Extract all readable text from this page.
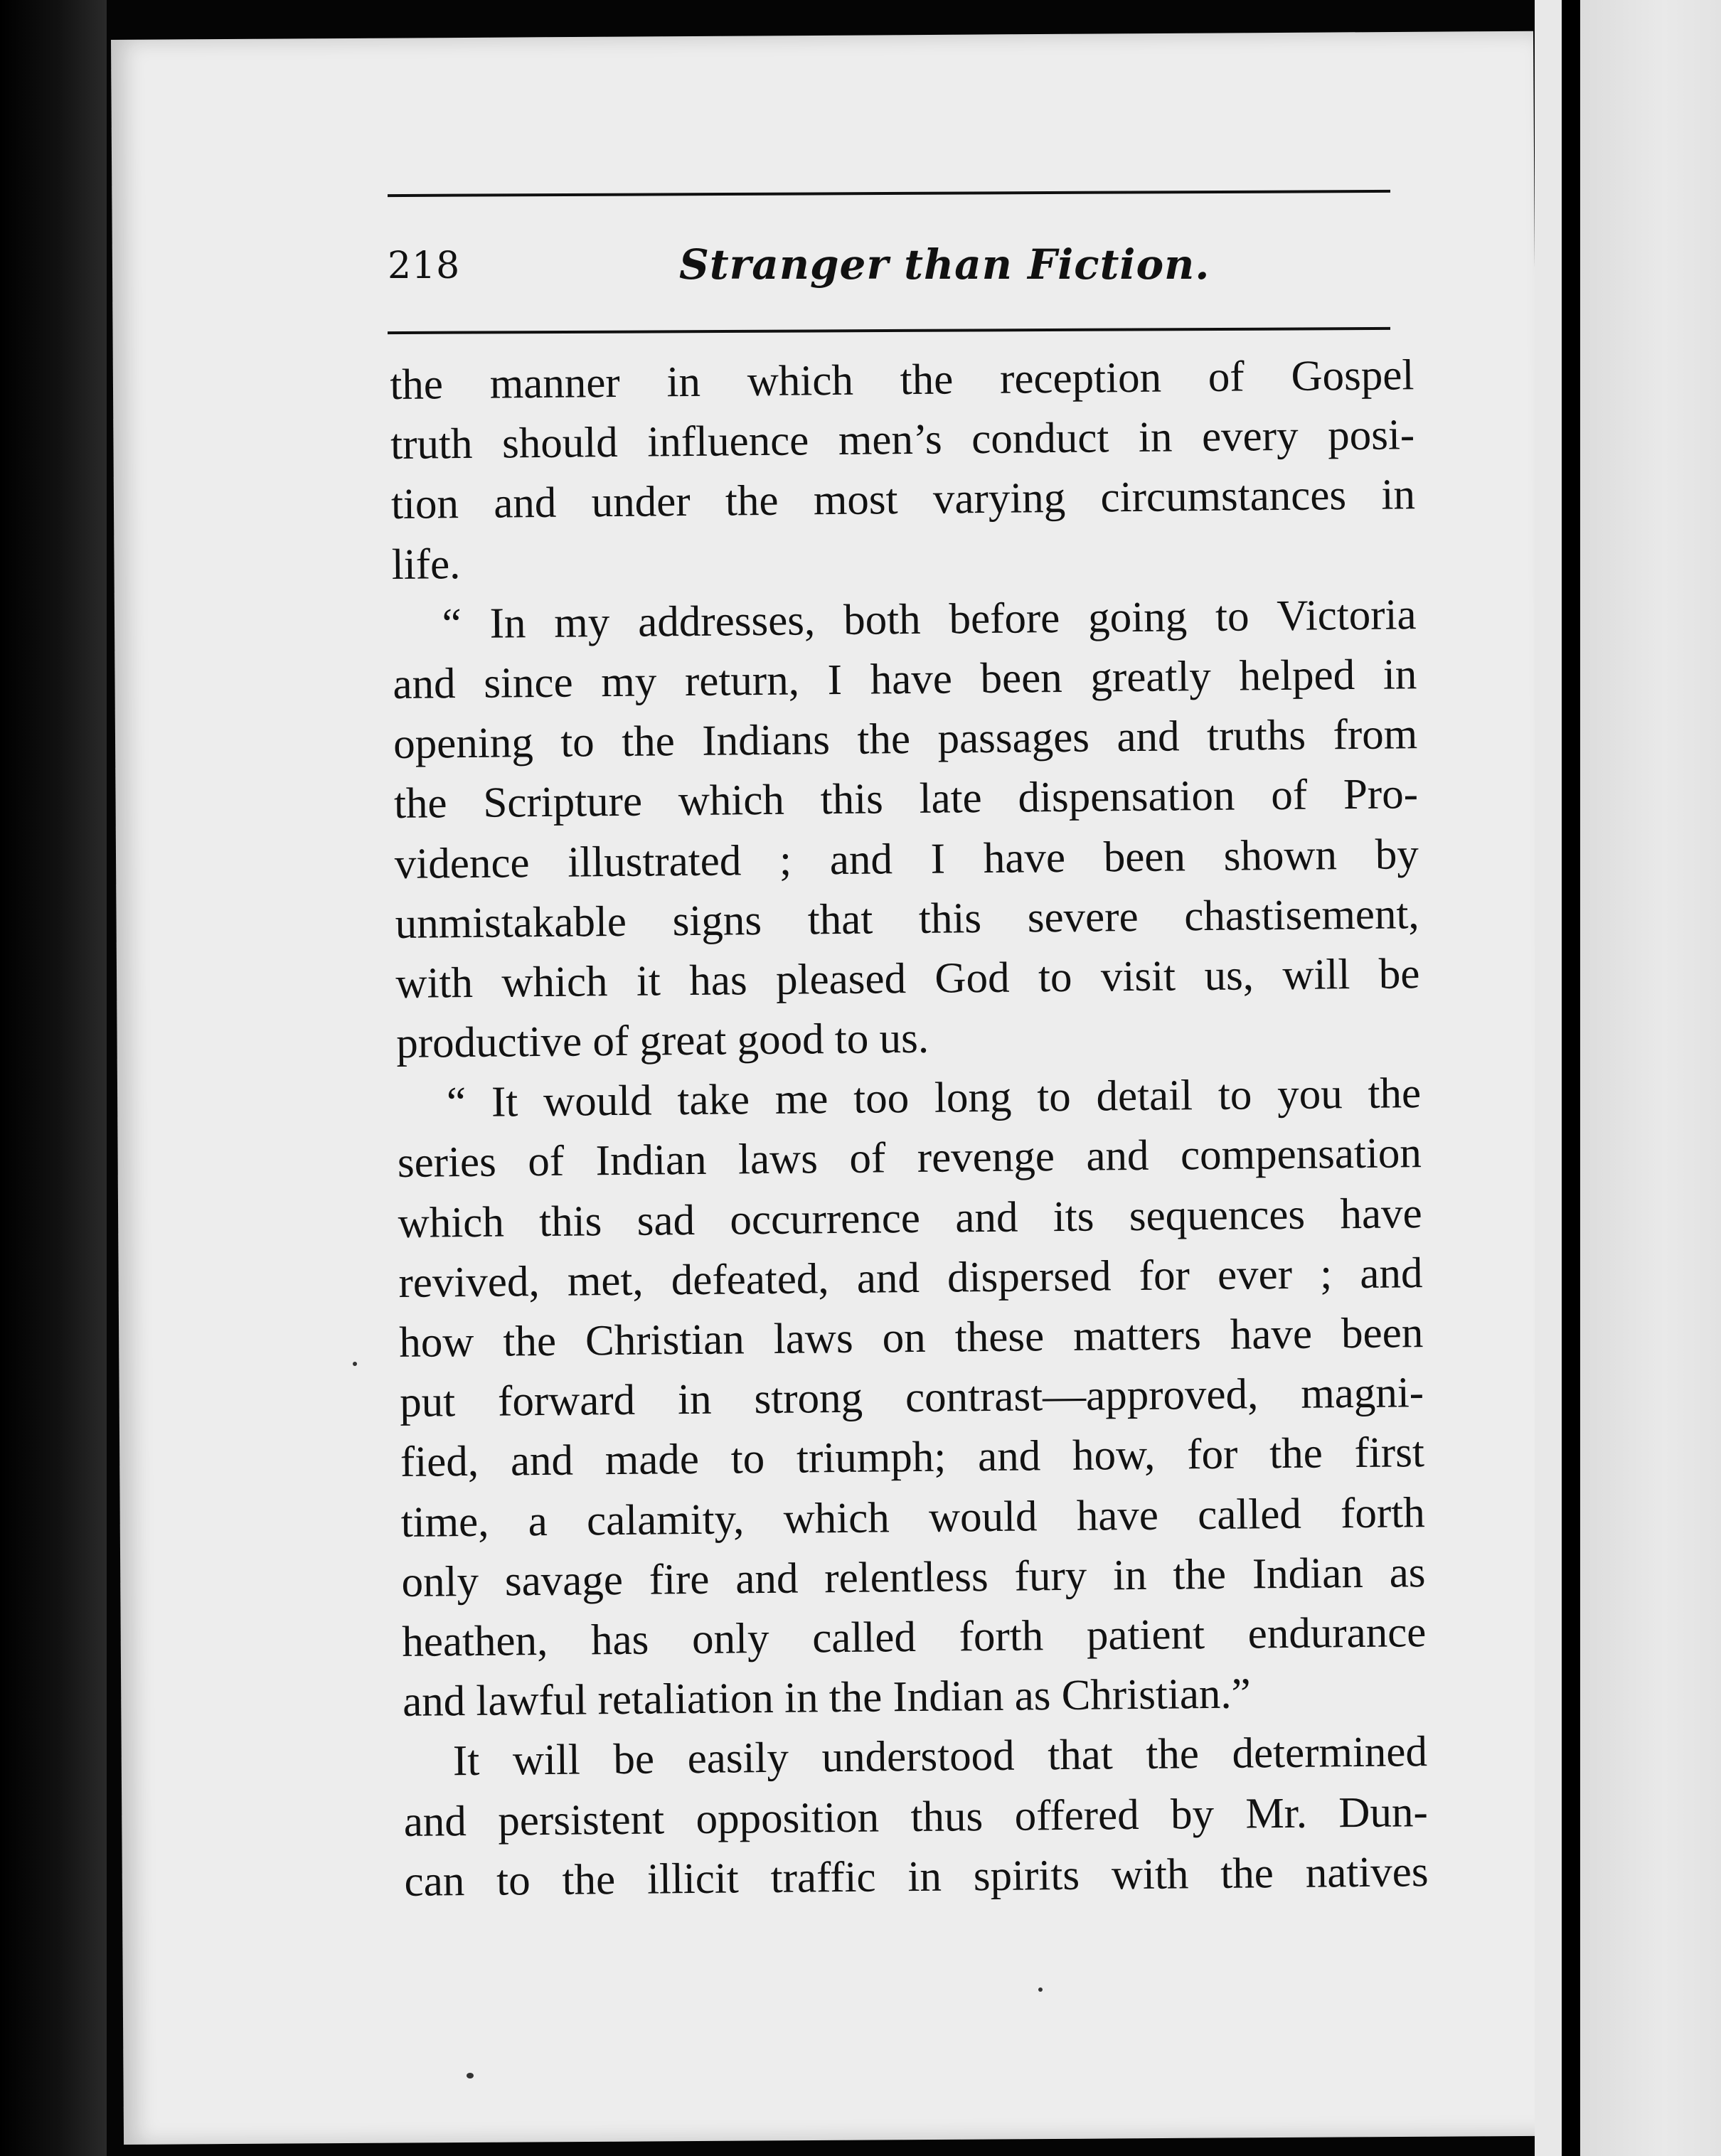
218	Stranger than Fiction.
the manner in which the reception of Gospel
truth should influence men’s conduct in every posi-
tion and under the most varying circumstances in
life.
“ In my addresses, both before going to Victoria
and since my return, I have been greatly helped in
opening to the Indians the passages and truths from
the Scripture which this late dispensation of Pro-
vidence illustrated ; and I have been shown by
unmistakable signs that this severe chastisement,
with which it has pleased God to visit us, will be
productive of great good to us.
“ It would take me too long to detail to you the
series of Indian laws of revenge and compensation
which this sad occurrence and its sequences have
revived, met, defeated, and dispersed for ever ; and
how the Christian laws on these matters have been
put forward in strong contrast—approved, magni-
fied, and made to triumph; and how, for the first
time, a calamity, which would have called forth
only savage fire and relentless fury in the Indian as
heathen, has only called forth patient endurance
and lawful retaliation in the Indian as Christian.”
It will be easily understood that the determined
and persistent opposition thus offered by Mr. Dun-
can to the illicit traffic in spirits with the natives
